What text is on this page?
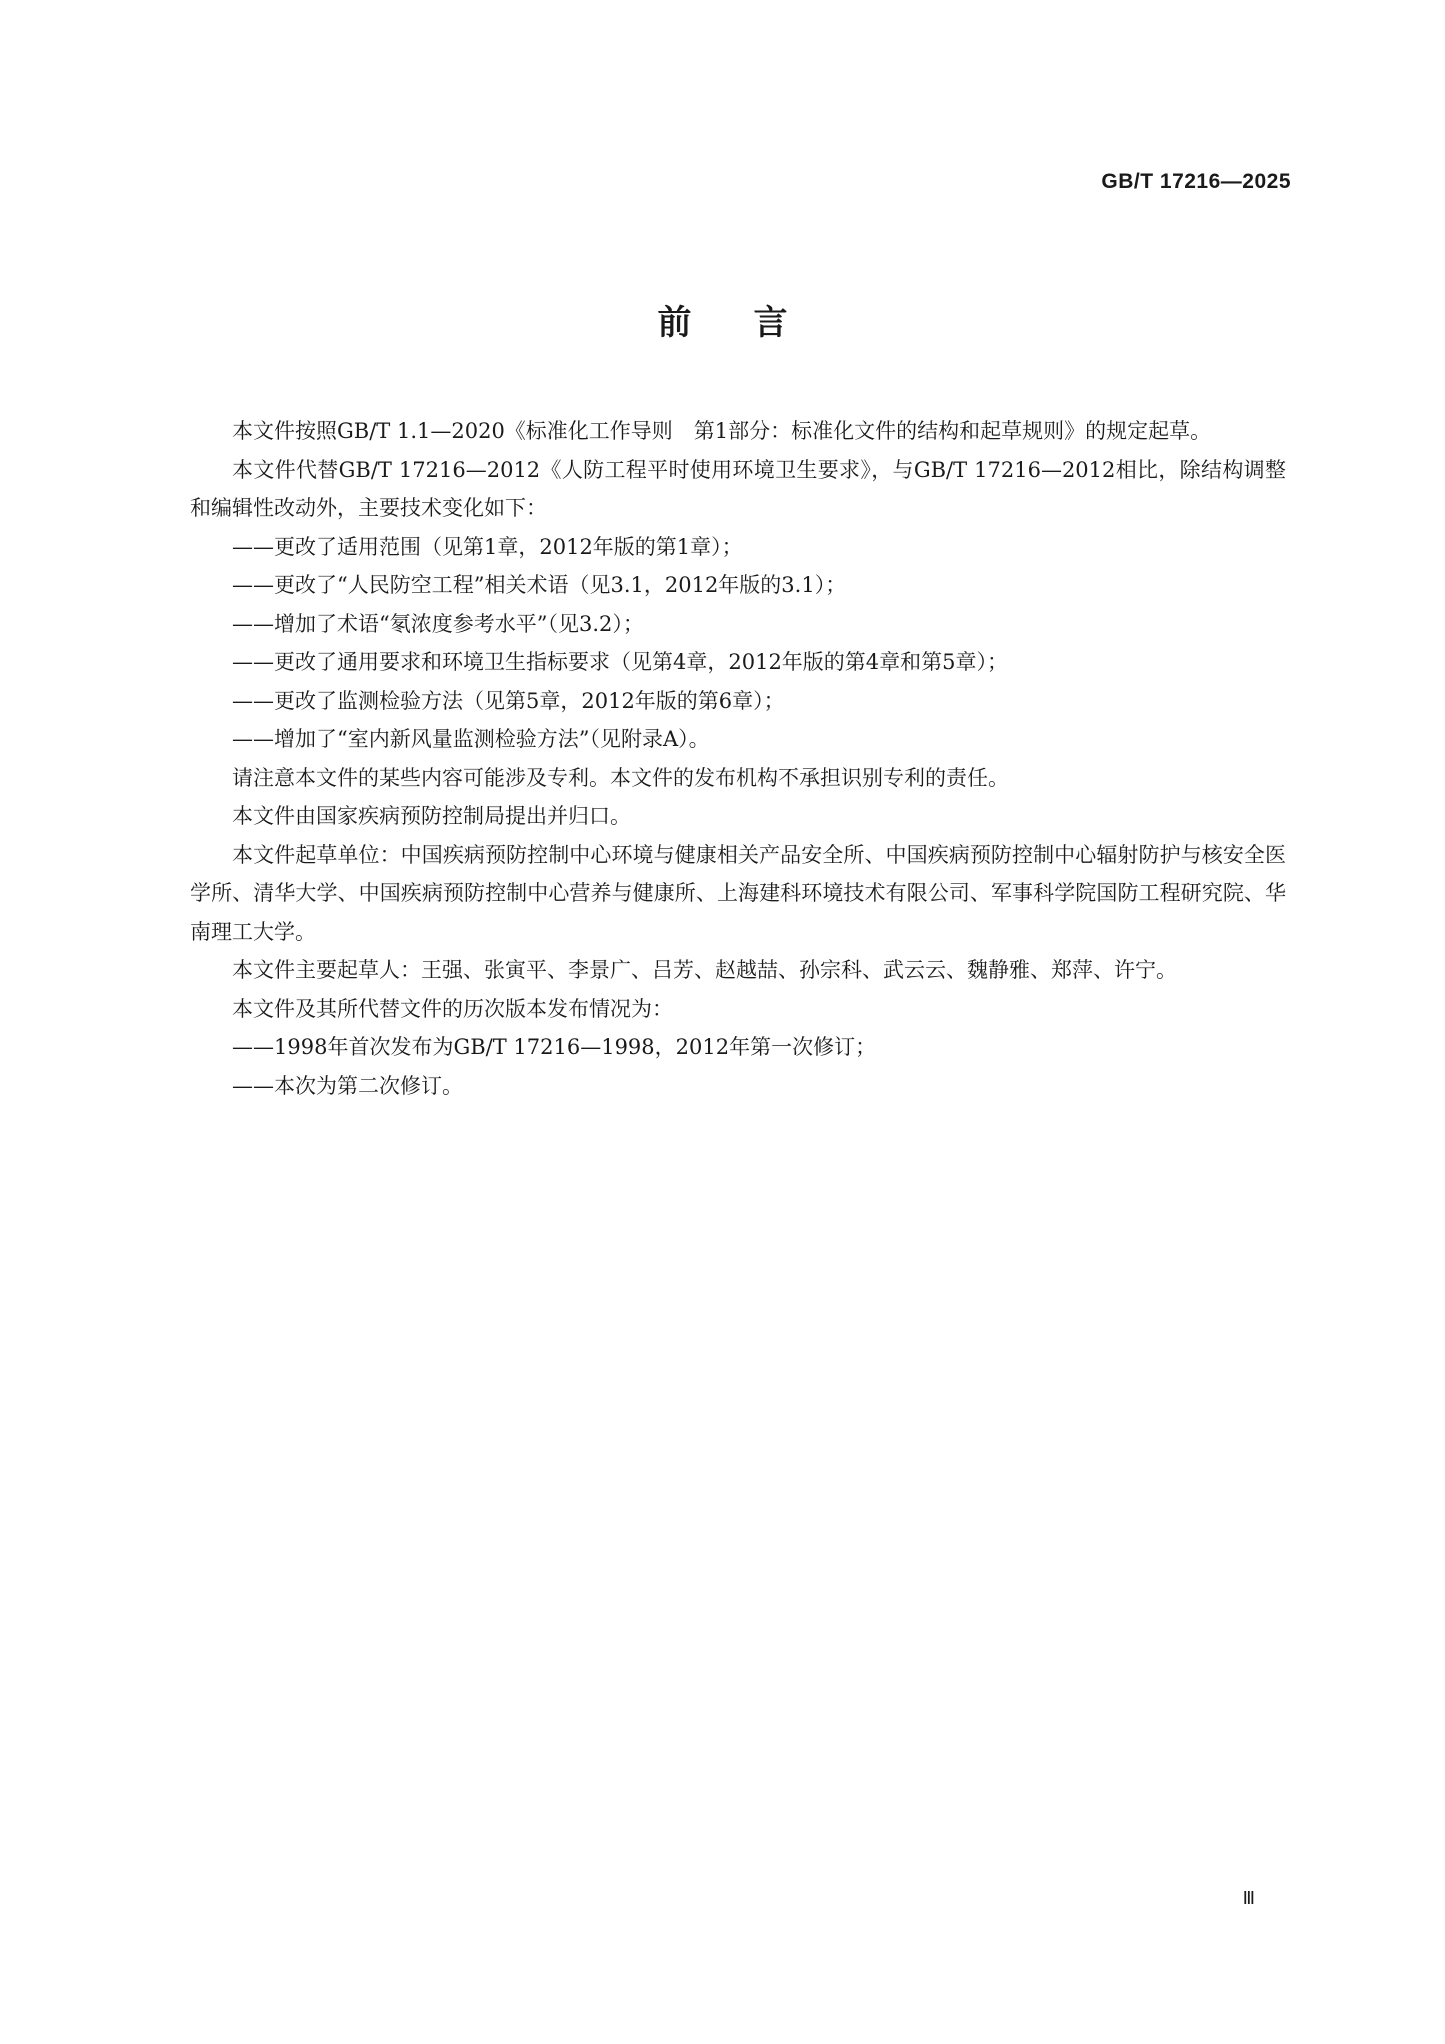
GB/T 17216—2025
前言

本文件按照GB/T 1.1—2020《标准化工作导则　第1部分：标准化文件的结构和起草规则》的规定起草。

本文件代替GB/T 17216—2012《人防工程平时使用环境卫生要求》，与GB/T 17216—2012相比，除结构调整和编辑性改动外，主要技术变化如下：

——更改了适用范围（见第1章，2012年版的第1章）；

——更改了“人民防空工程”相关术语（见3.1，2012年版的3.1）；

——增加了术语“氡浓度参考水平”（见3.2）；

——更改了通用要求和环境卫生指标要求（见第4章，2012年版的第4章和第5章）；

——更改了监测检验方法（见第5章，2012年版的第6章）；

——增加了“室内新风量监测检验方法”（见附录A）。

请注意本文件的某些内容可能涉及专利。本文件的发布机构不承担识别专利的责任。

本文件由国家疾病预防控制局提出并归口。

本文件起草单位：中国疾病预防控制中心环境与健康相关产品安全所、中国疾病预防控制中心辐射防护与核安全医学所、清华大学、中国疾病预防控制中心营养与健康所、上海建科环境技术有限公司、军事科学院国防工程研究院、华南理工大学。

本文件主要起草人：王强、张寅平、李景广、吕芳、赵越喆、孙宗科、武云云、魏静雅、郑萍、许宁。

本文件及其所代替文件的历次版本发布情况为：

——1998年首次发布为GB/T 17216—1998，2012年第一次修订；

——本次为第二次修订。

Ⅲ
